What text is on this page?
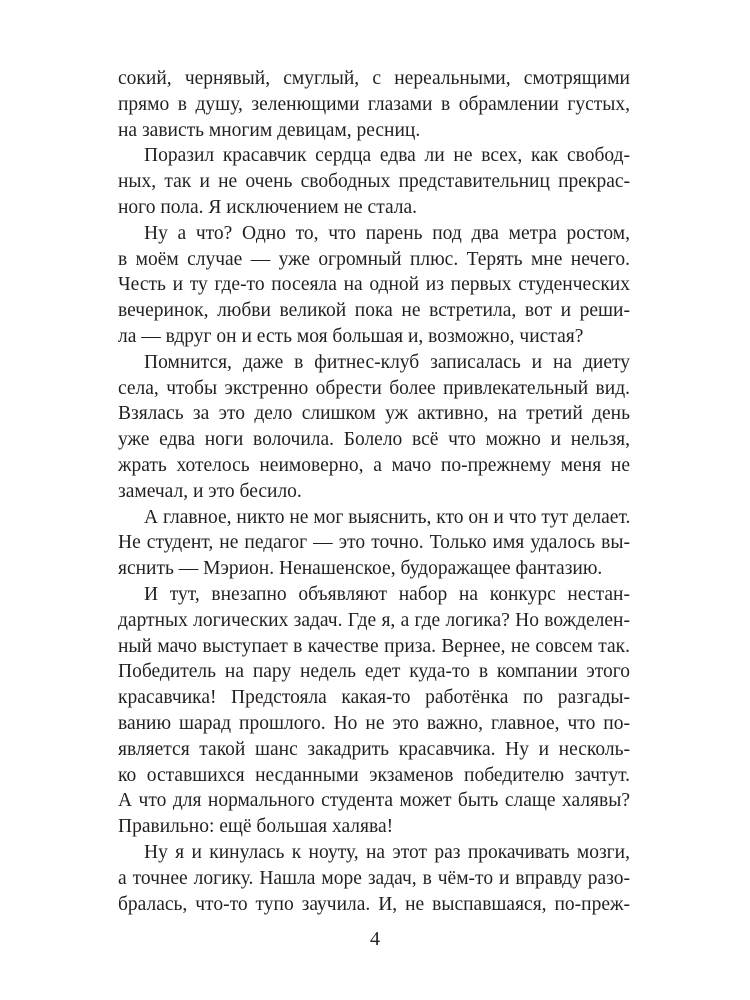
сокий, чернявый, смуглый, с нереальными, смотрящими
прямо в душу, зеленющими глазами в обрамлении густых,
на зависть многим девицам, ресниц.
Поразил красавчик сердца едва ли не всех, как свобод-
ных, так и не очень свободных представительниц прекрас-
ного пола. Я исключением не стала.
Ну а что? Одно то, что парень под два метра ростом,
в моём случае — уже огромный плюс. Терять мне нечего.
Честь и ту где-то посеяла на одной из первых студенческих
вечеринок, любви великой пока не встретила, вот и реши-
ла — вдруг он и есть моя большая и, возможно, чистая?
Помнится, даже в фитнес-клуб записалась и на диету
села, чтобы экстренно обрести более привлекательный вид.
Взялась за это дело слишком уж активно, на третий день
уже едва ноги волочила. Болело всё что можно и нельзя,
жрать хотелось неимоверно, а мачо по-прежнему меня не
замечал, и это бесило.
А главное, никто не мог выяснить, кто он и что тут делает.
Не студент, не педагог — это точно. Только имя удалось вы-
яснить — Мэрион. Ненашенское, будоражащее фантазию.
И тут, внезапно объявляют набор на конкурс нестан-
дартных логических задач. Где я, а где логика? Но вожделен-
ный мачо выступает в качестве приза. Вернее, не совсем так.
Победитель на пару недель едет куда-то в компании этого
красавчика! Предстояла какая-то работёнка по разгады-
ванию шарад прошлого. Но не это важно, главное, что по-
является такой шанс закадрить красавчика. Ну и несколь-
ко оставшихся несданными экзаменов победителю зачтут.
А что для нормального студента может быть слаще халявы?
Правильно: ещё большая халява!
Ну я и кинулась к ноуту, на этот раз прокачивать мозги,
а точнее логику. Нашла море задач, в чём-то и вправду разо-
бралась, что-то тупо заучила. И, не выспавшаяся, по-преж-
4
